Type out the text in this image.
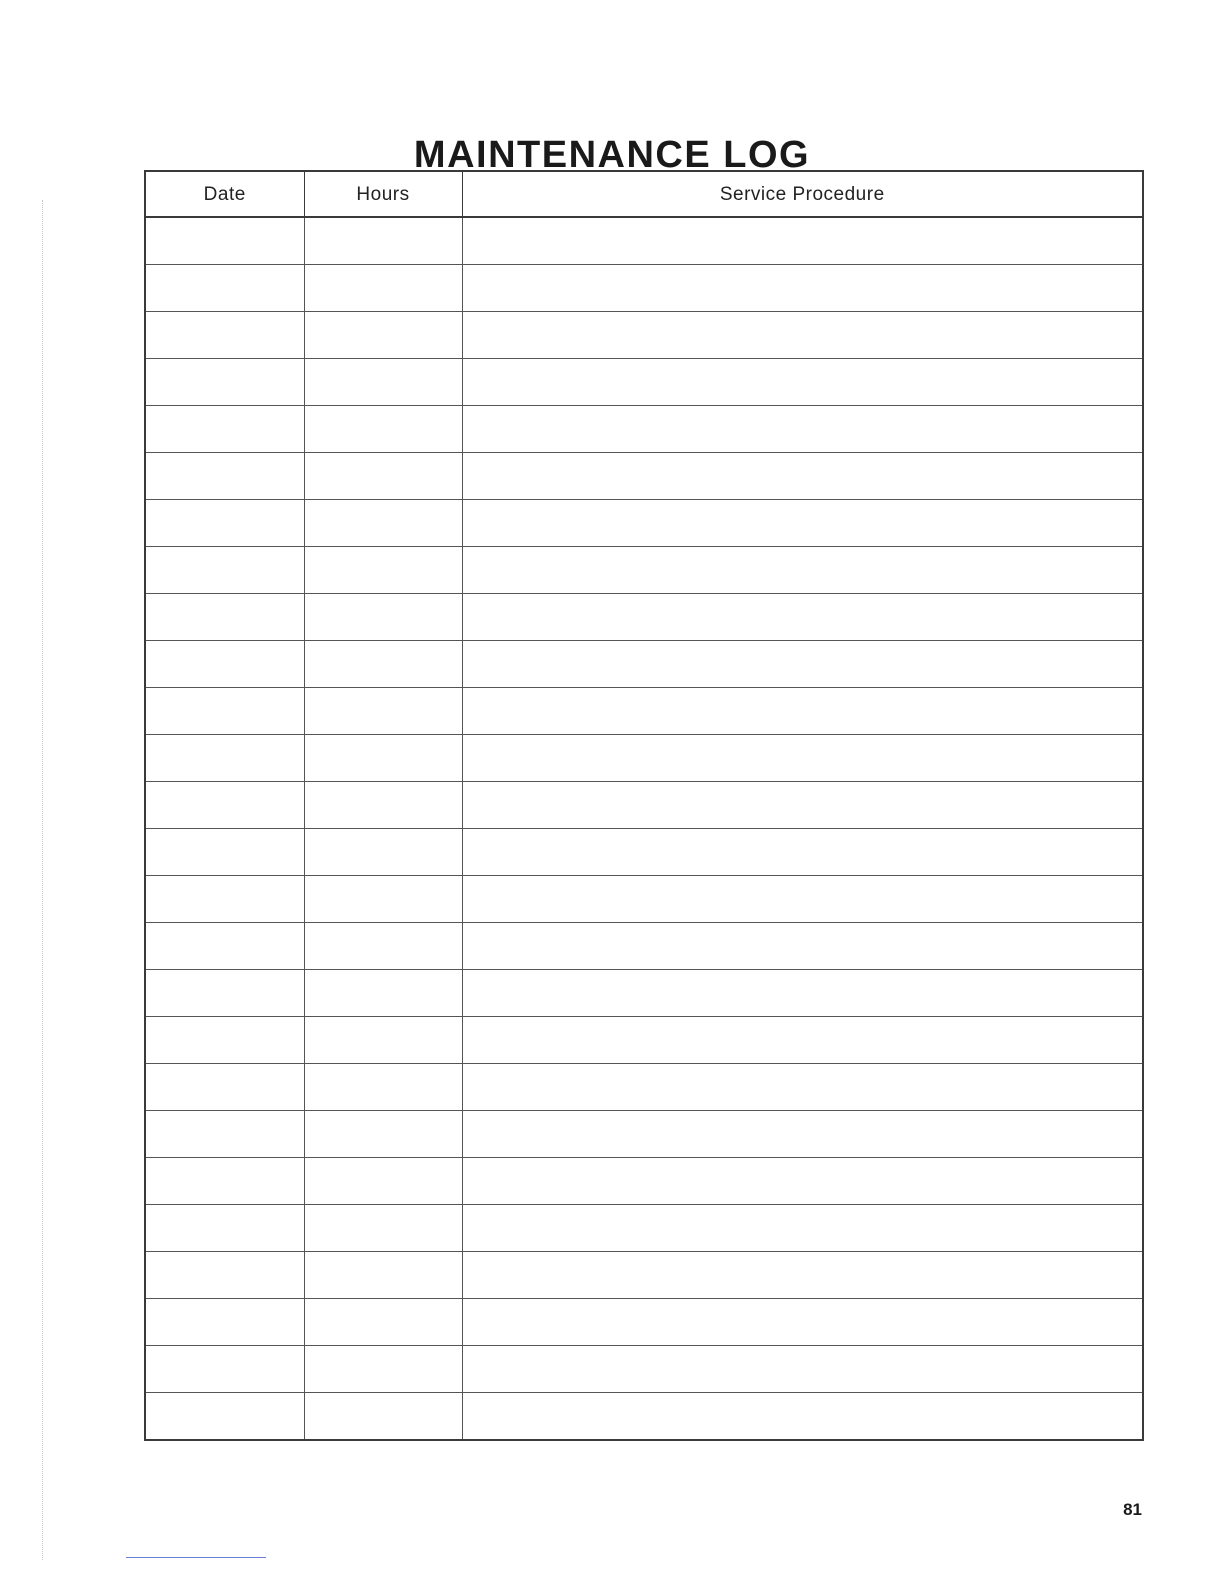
MAINTENANCE LOG
Date	Hours	Service Procedure

81
